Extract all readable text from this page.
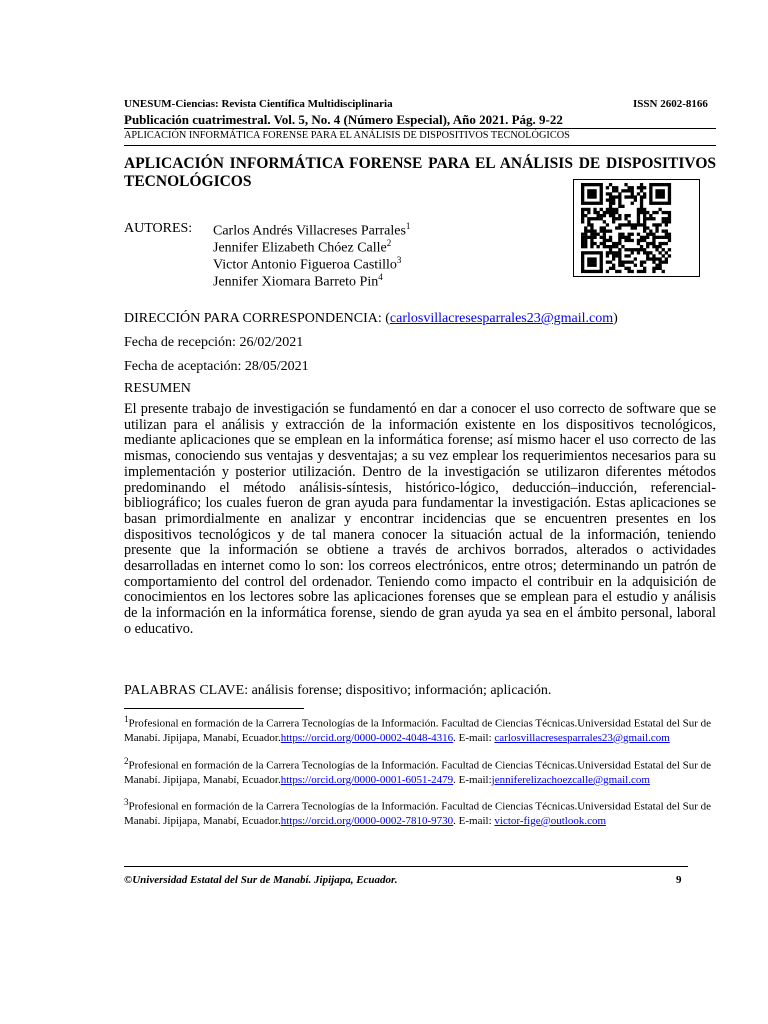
UNESUM-Ciencias: Revista Científica Multidisciplinaria	ISSN 2602-8166
Publicación cuatrimestral. Vol. 5, No. 4 (Número Especial), Año 2021. Pág. 9-22
APLICACIÓN INFORMÁTICA FORENSE PARA EL ANÁLISIS DE DISPOSITIVOS TECNOLÓGICOS
APLICACIÓN INFORMÁTICA FORENSE PARA EL ANÁLISIS DE DISPOSITIVOS
TECNOLÓGICOS
AUTORES: Carlos Andrés Villacreses Parrales$^1$
Jennifer Elizabeth Chóez Calle$^2$
Victor Antonio Figueroa Castillo$^3$
Jennifer Xiomara Barreto Pin$^4$
DIRECCIÓN PARA CORRESPONDENCIA: (carlosvillacresesparrales23@gmail.com)
Fecha de recepción: 26/02/2021
Fecha de aceptación: 28/05/2021
RESUMEN

El presente trabajo de investigación se fundamentó en dar a conocer el uso correcto de software que se utilizan para el análisis y extracción de la información existente en los dispositivos tecnológicos, mediante aplicaciones que se emplean en la informática forense; así mismo hacer el uso correcto de las mismas, conociendo sus ventajas y desventajas; a su vez emplear los requerimientos necesarios para su implementación y posterior utilización. Dentro de la investigación se utilizaron diferentes métodos predominando el método análisis-síntesis, histórico-lógico, deducción–inducción, referencial-bibliográfico; los cuales fueron de gran ayuda para fundamentar la investigación. Estas aplicaciones se basan primordialmente en analizar y encontrar incidencias que se encuentren presentes en los dispositivos tecnológicos y de tal manera conocer la situación actual de la información, teniendo presente que la información se obtiene a través de archivos borrados, alterados o actividades desarrolladas en internet como lo son: los correos electrónicos, entre otros; determinando un patrón de comportamiento del control del ordenador. Teniendo como impacto el contribuir en la adquisición de conocimientos en los lectores sobre las aplicaciones forenses que se emplean para el estudio y análisis de la información en la informática forense, siendo de gran ayuda ya sea en el ámbito personal, laboral o educativo.

PALABRAS CLAVE: análisis forense; dispositivo; información; aplicación.
$^1$Profesional en formación de la Carrera Tecnologías de la Información. Facultad de Ciencias Técnicas.Universidad Estatal del Sur de Manabí. Jipijapa, Manabí, Ecuador.https://orcid.org/0000-0002-4048-4316. E-mail: carlosvillacresesparrales23@gmail.com
$^2$Profesional en formación de la Carrera Tecnologías de la Información. Facultad de Ciencias Técnicas.Universidad Estatal del Sur de Manabí. Jipijapa, Manabí, Ecuador.https://orcid.org/0000-0001-6051-2479. E-mail:jenniferelizachoezcalle@gmail.com
$^3$Profesional en formación de la Carrera Tecnologías de la Información. Facultad de Ciencias Técnicas.Universidad Estatal del Sur de Manabí. Jipijapa, Manabí, Ecuador.https://orcid.org/0000-0002-7810-9730. E-mail: victor-fige@outlook.com
©Universidad Estatal del Sur de Manabí. Jipijapa, Ecuador.	9
